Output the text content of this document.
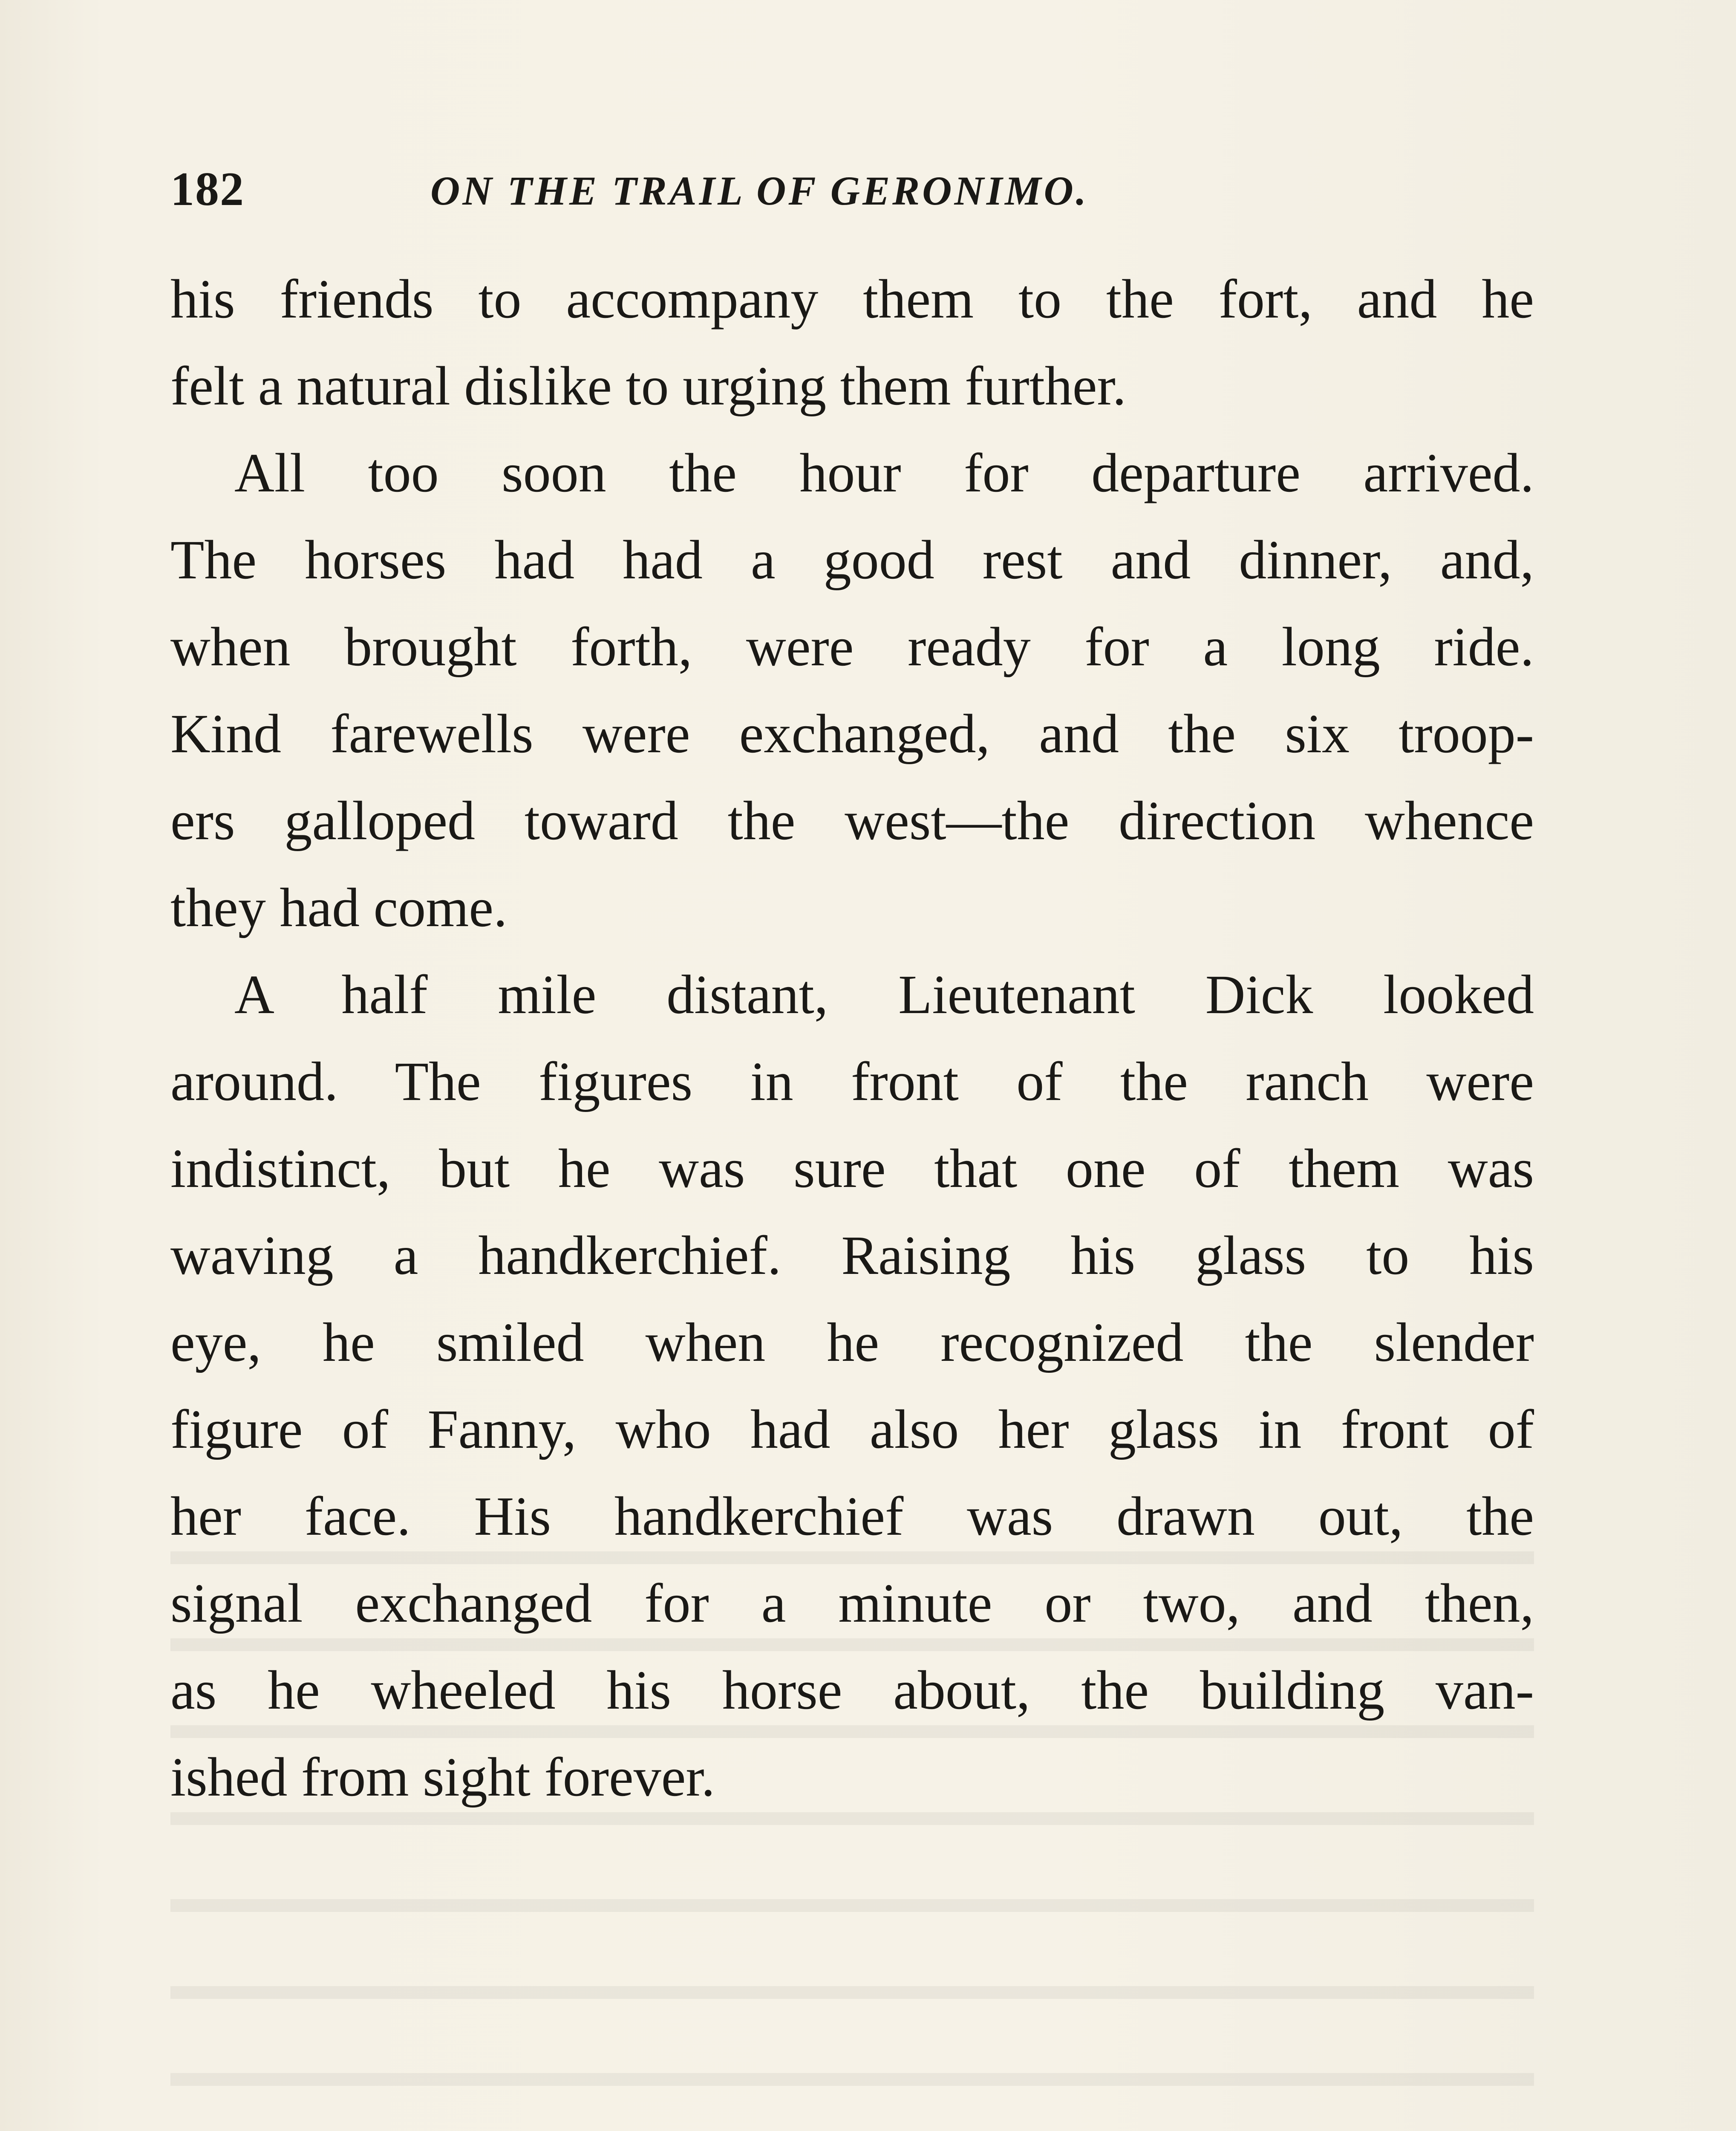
182	ON THE TRAIL OF GERONIMO.
his friends to accompany them to the fort, and he
felt a natural dislike to urging them further.
All too soon the hour for departure arrived.
The horses had had a good rest and dinner, and,
when brought forth, were ready for a long ride.
Kind farewells were exchanged, and the six troop-
ers galloped toward the west—the direction whence
they had come.
A half mile distant, Lieutenant Dick looked
around. The figures in front of the ranch were
indistinct, but he was sure that one of them was
waving a handkerchief. Raising his glass to his
eye, he smiled when he recognized the slender
figure of Fanny, who had also her glass in front of
her face. His handkerchief was drawn out, the
signal exchanged for a minute or two, and then,
as he wheeled his horse about, the building van-
ished from sight forever.
